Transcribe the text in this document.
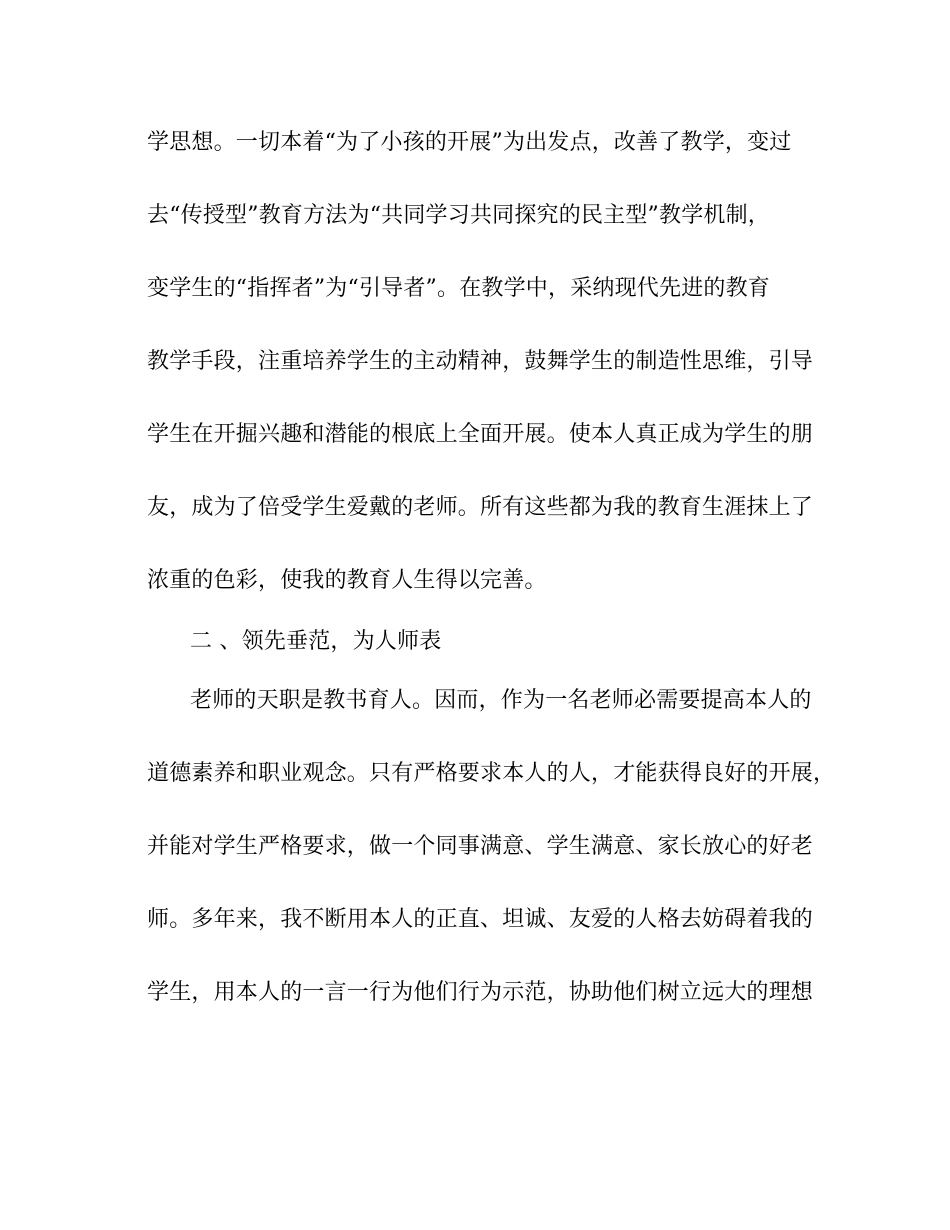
学思想。一切本着“为了小孩的开展”为出发点，改善了教学，变过
去“传授型”教育方法为“共同学习共同探究的民主型”教学机制，
变学生的“指挥者”为“引导者”。在教学中，采纳现代先进的教育
教学手段，注重培养学生的主动精神，鼓舞学生的制造性思维，引导
学生在开掘兴趣和潜能的根底上全面开展。使本人真正成为学生的朋
友，成为了倍受学生爱戴的老师。所有这些都为我的教育生涯抹上了
浓重的色彩，使我的教育人生得以完善。
二 、领先垂范，为人师表
老师的天职是教书育人。因而，作为一名老师必需要提高本人的
道德素养和职业观念。只有严格要求本人的人，才能获得良好的开展，
并能对学生严格要求，做一个同事满意、学生满意、家长放心的好老
师。多年来，我不断用本人的正直、坦诚、友爱的人格去妨碍着我的
学生，用本人的一言一行为他们行为示范，协助他们树立远大的理想
